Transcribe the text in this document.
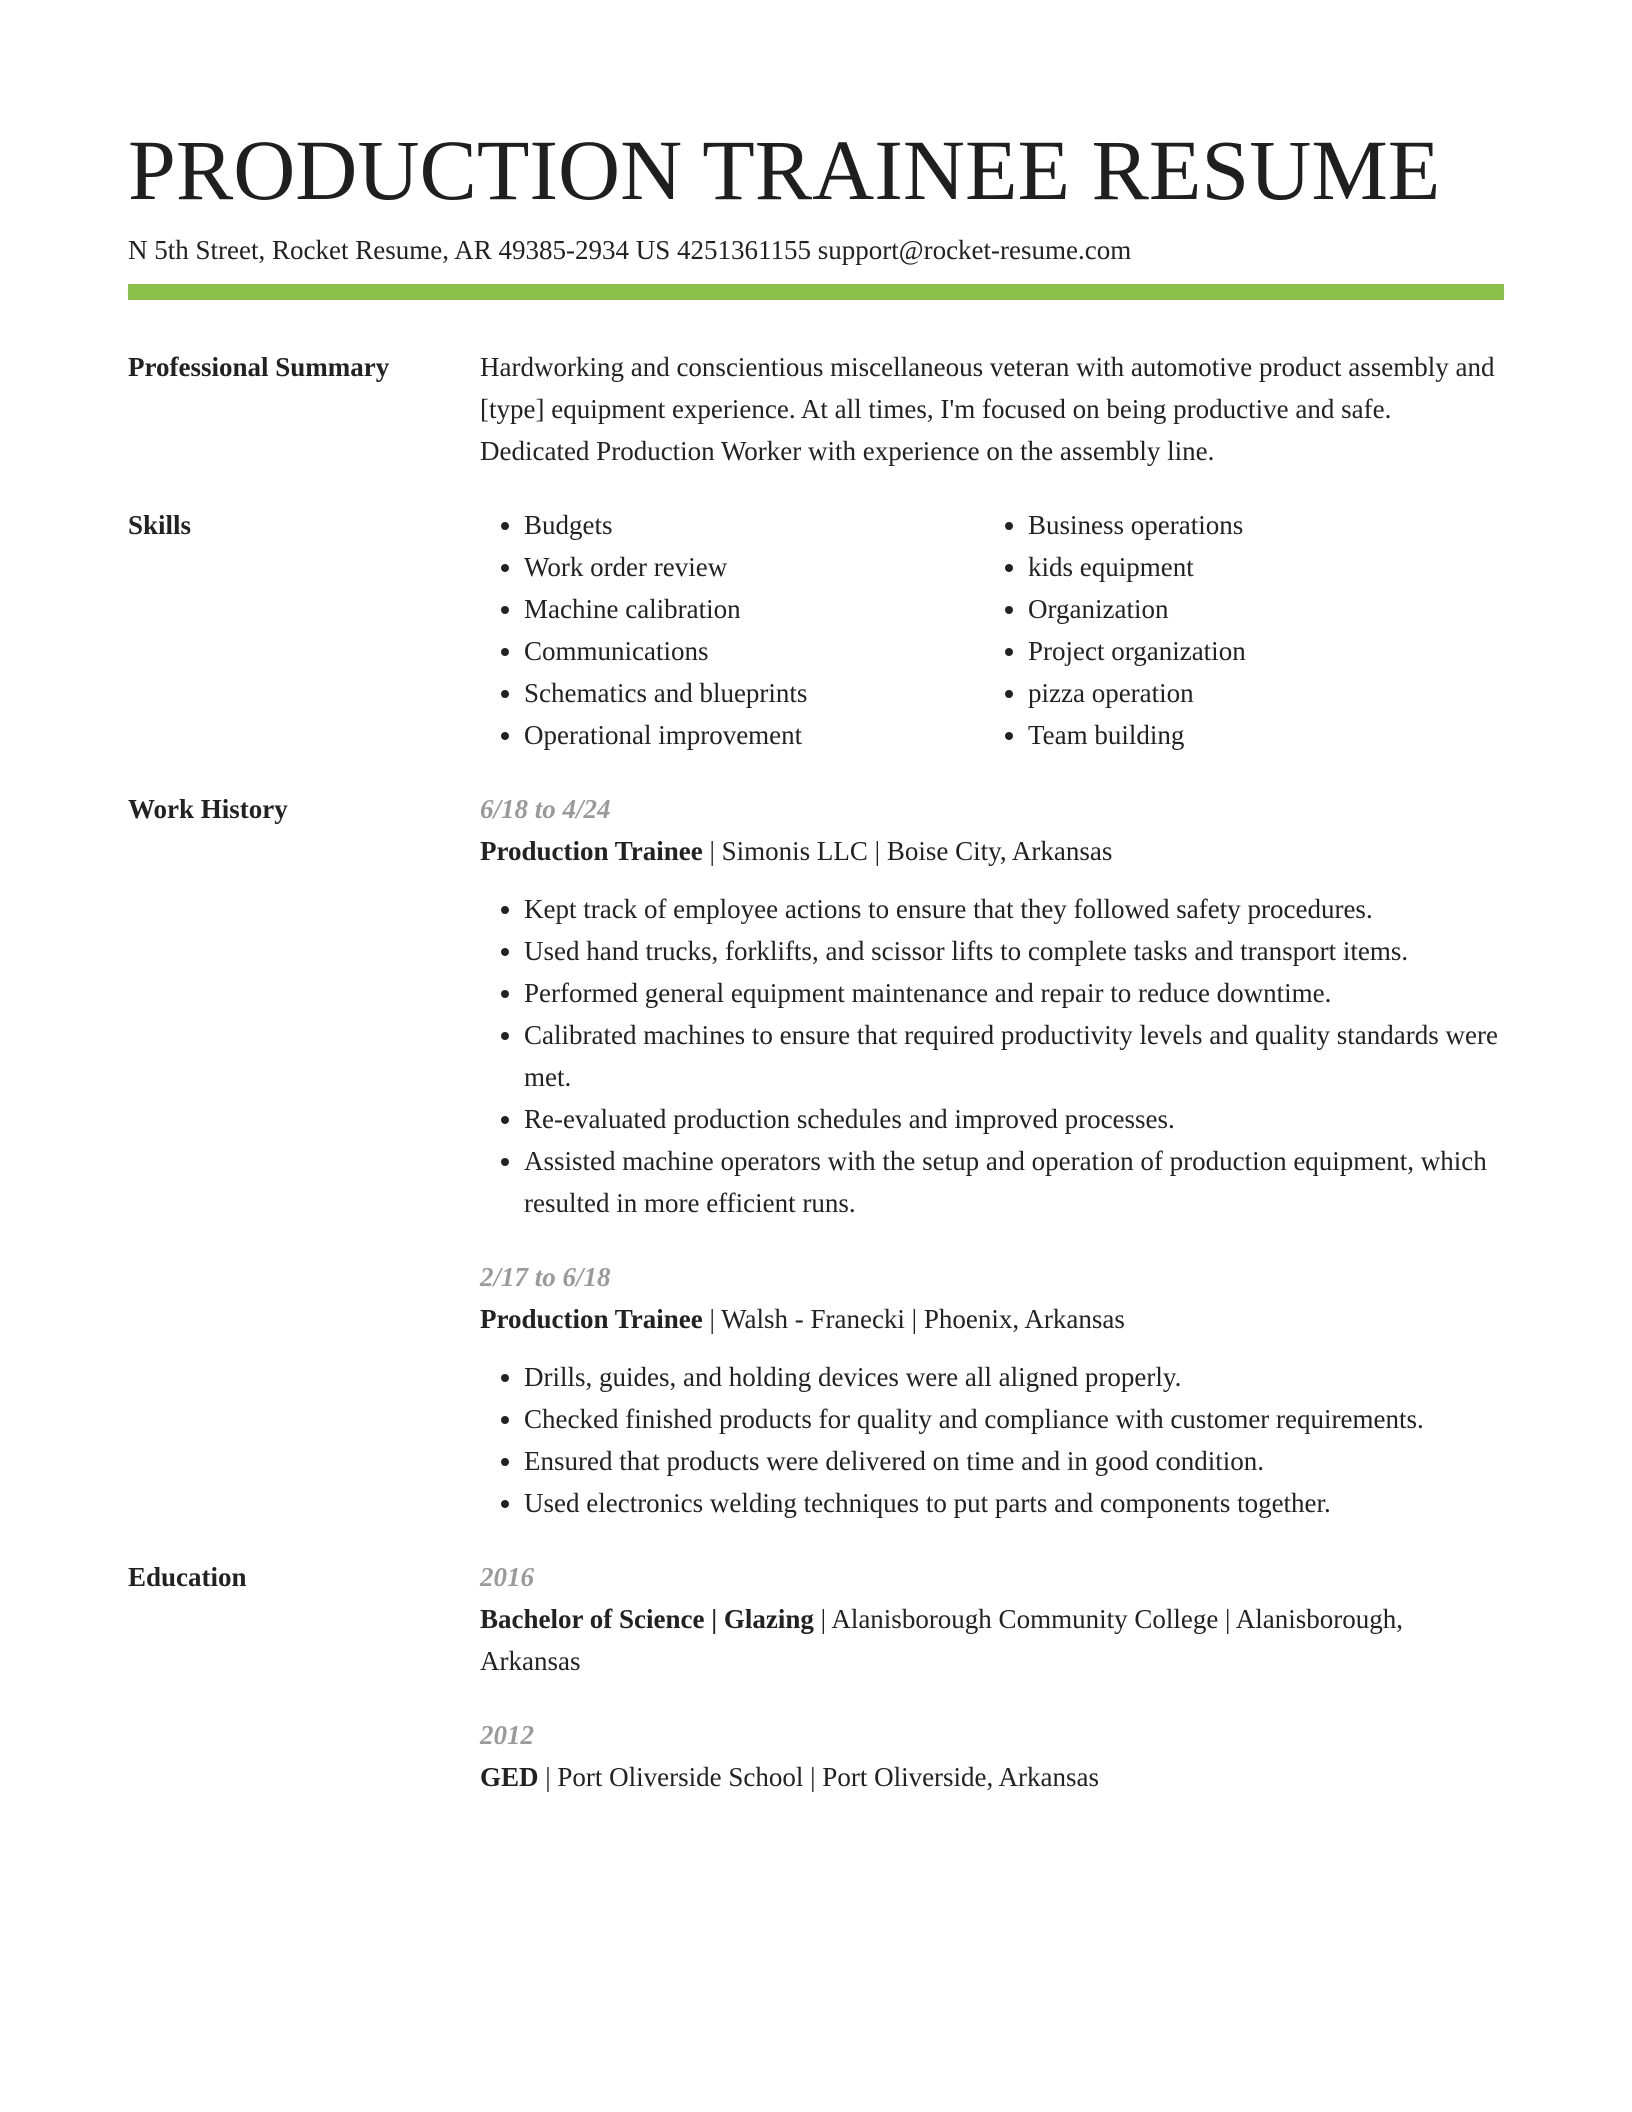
PRODUCTION TRAINEE RESUME
N 5th Street, Rocket Resume, AR 49385-2934 US 4251361155 support@rocket-resume.com
Professional Summary	Hardworking and conscientious miscellaneous veteran with automotive product assembly and [type] equipment experience. At all times, I'm focused on being productive and safe. Dedicated Production Worker with experience on the assembly line.
Skills
•	Budgets
• Work order review
• Machine calibration
• Communications
• Schematics and blueprints
• Operational improvement
• Business operations
• kids equipment
• Organization
• Project organization
• pizza operation
• Team building
Work History	6/18 to 4/24
Production Trainee | Simonis LLC | Boise City, Arkansas
• Kept track of employee actions to ensure that they followed safety procedures.
• Used hand trucks, forklifts, and scissor lifts to complete tasks and transport items.
• Performed general equipment maintenance and repair to reduce downtime.
• Calibrated machines to ensure that required productivity levels and quality standards were met.
• Re-evaluated production schedules and improved processes.
• Assisted machine operators with the setup and operation of production equipment, which resulted in more efficient runs.
2/17 to 6/18
Production Trainee | Walsh - Franecki | Phoenix, Arkansas
• Drills, guides, and holding devices were all aligned properly.
• Checked finished products for quality and compliance with customer requirements.
• Ensured that products were delivered on time and in good condition.
• Used electronics welding techniques to put parts and components together.
Education	2016
Bachelor of Science | Glazing | Alanisborough Community College | Alanisborough, Arkansas
2012
GED | Port Oliverside School | Port Oliverside, Arkansas
